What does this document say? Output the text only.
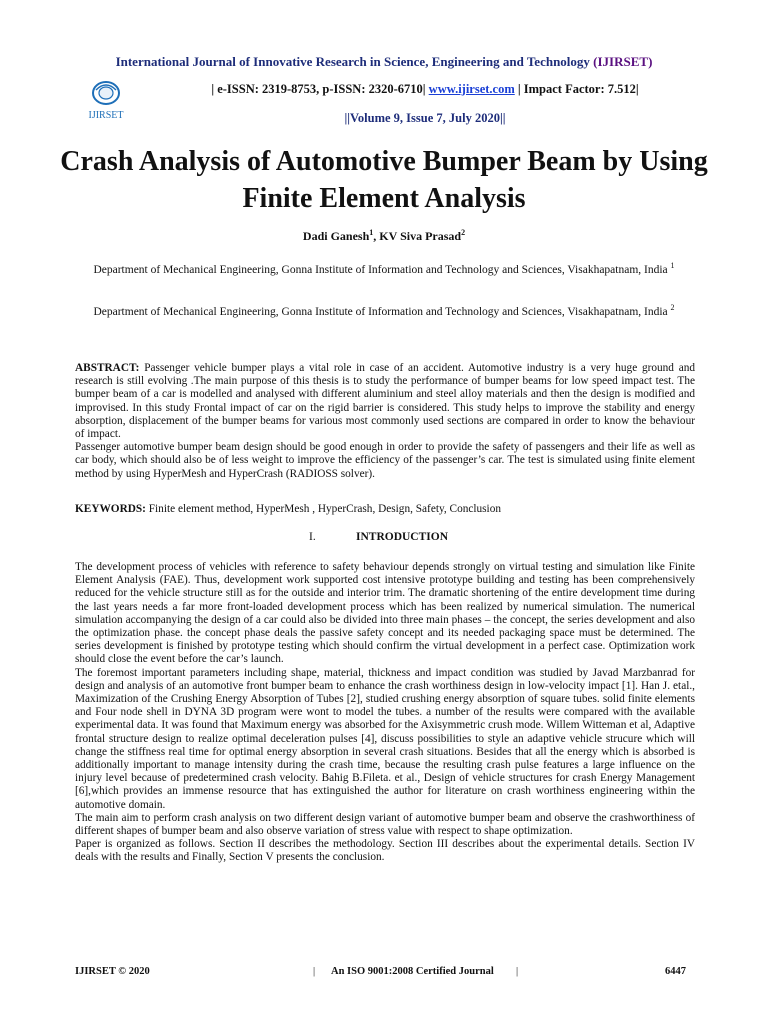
International Journal of Innovative Research in Science, Engineering and Technology (IJIRSET)
IJIRSET
| e-ISSN: 2319-8753, p-ISSN: 2320-6710| www.ijirset.com | Impact Factor: 7.512|
||Volume 9, Issue 7, July 2020||
Crash Analysis of Automotive Bumper Beam by Using Finite Element Analysis
Dadi Ganesh$^1$, KV Siva Prasad$^2$
Department of Mechanical Engineering, Gonna Institute of Information and Technology and Sciences, Visakhapatnam, India $^1$
Department of Mechanical Engineering, Gonna Institute of Information and Technology and Sciences, Visakhapatnam, India $^2$
ABSTRACT: Passenger vehicle bumper plays a vital role in case of an accident. Automotive industry is a very huge ground and research is still evolving .The main purpose of this thesis is to study the performance of bumper beams for low speed impact test. The bumper beam of a car is modelled and analysed with different aluminium and steel alloy materials and then the design is modified and improvised. In this study Frontal impact of car on the rigid barrier is considered. This study helps to improve the stability and energy absorption, displacement of the bumper beams for various most commonly used sections are compared in order to know the behaviour of impact.
Passenger automotive bumper beam design should be good enough in order to provide the safety of passengers and their life as well as car body, which should also be of less weight to improve the efficiency of the passenger’s car. The test is simulated using finite element method by using HyperMesh and HyperCrash (RADIOSS solver).
KEYWORDS: Finite element method, HyperMesh , HyperCrash, Design, Safety, Conclusion
I.	INTRODUCTION
The development process of vehicles with reference to safety behaviour depends strongly on virtual testing and simulation like Finite Element Analysis (FAE). Thus, development work supported cost intensive prototype building and testing has been comprehensively reduced for the vehicle structure still as for the outside and interior trim. The dramatic shortening of the entire development time during the last years needs a far more front-loaded development process which has been realized by numerical simulation. The numerical simulation accompanying the design of a car could also be divided into three main phases – the concept, the series development and also the optimization phase. the concept phase deals the passive safety concept and its needed packaging space must be determined. The series development is finished by prototype testing which should confirm the virtual development in a perfect case. Optimization work should close the event before the car’s launch.
The foremost important parameters including shape, material, thickness and impact condition was studied by Javad Marzbanrad for design and analysis of an automotive front bumper beam to enhance the crash worthiness design in low-velocity impact [1]. Han J. etal., Maximization of the Crushing Energy Absorption of Tubes [2], studied crushing energy absorption of square tubes. solid finite elements and Four node shell in DYNA 3D program were wont to model the tubes. a number of the results were compared with the available experimental data. It was found that Maximum energy was absorbed for the Axisymmetric crush mode. Willem Witteman et al, Adaptive frontal structure design to realize optimal deceleration pulses [4], discuss possibilities to style an adaptive vehicle strucure which will change the stiffness real time for optimal energy absorption in several crash situations. Besides that all the energy which is absorbed is additionally important to manage intensity during the crash time, because the resulting crash pulse features a large influence on the injury level because of predetermined crash velocity. Bahig B.Fileta. et al., Design of vehicle structures for crash Energy Management [6],which provides an immense resource that has extinguished the author for literature on crash worthiness engineering within the automotive domain.
The main aim to perform crash analysis on two different design variant of automotive bumper beam and observe the crashworthiness of different shapes of bumper beam and also observe variation of stress value with respect to shape optimization.
Paper is organized as follows. Section II describes the methodology. Section III describes about the experimental details. Section IV deals with the results and Finally, Section V presents the conclusion.
IJIRSET © 2020	| An ISO 9001:2008 Certified Journal |	6447
